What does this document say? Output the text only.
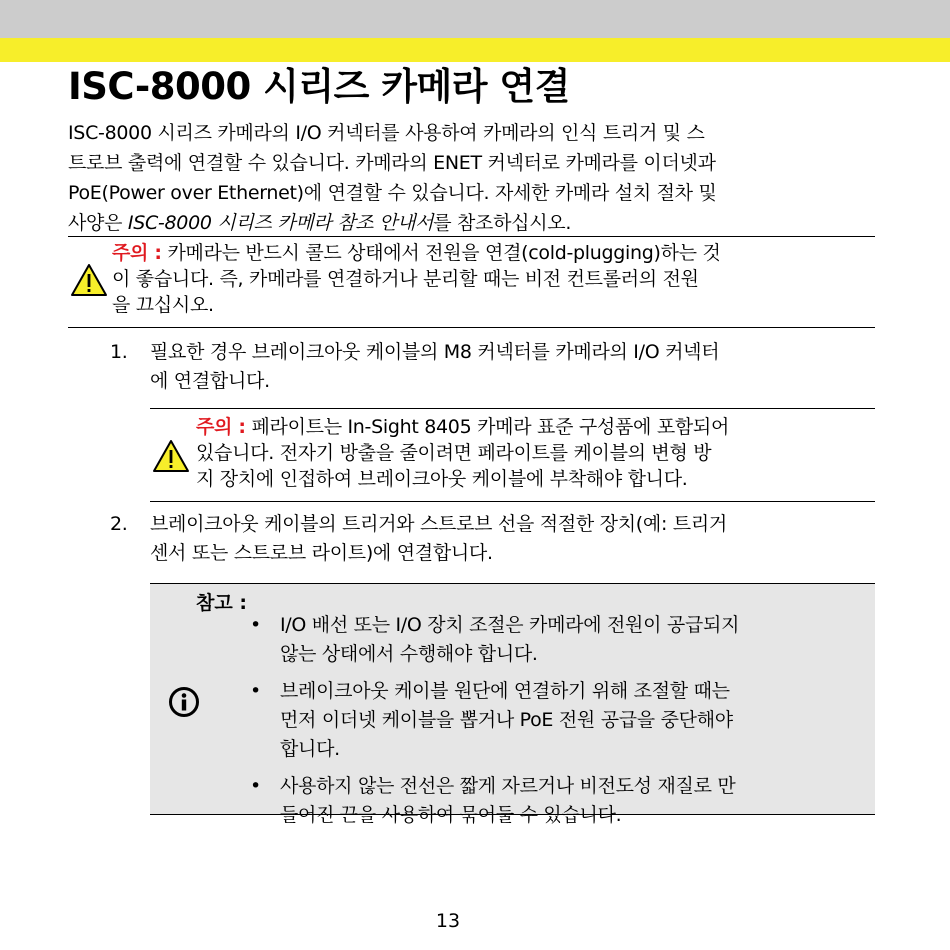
ISC-8000 시리즈 카메라 연결
ISC-8000 시리즈 카메라의 I/O 커넥터를 사용하여 카메라의 인식 트리거 및 스
트로브 출력에 연결할 수 있습니다. 카메라의 ENET 커넥터로 카메라를 이더넷과
PoE(Power over Ethernet)에 연결할 수 있습니다. 자세한 카메라 설치 절차 및
사양은 ISC-8000 시리즈 카메라 참조 안내서를 참조하십시오.
주의 : 카메라는 반드시 콜드 상태에서 전원을 연결(cold-plugging)하는 것
이 좋습니다. 즉, 카메라를 연결하거나 분리할 때는 비전 컨트롤러의 전원
을 끄십시오.
1. 필요한 경우 브레이크아웃 케이블의 M8 커넥터를 카메라의 I/O 커넥터
에 연결합니다.
주의 : 페라이트는 In-Sight 8405 카메라 표준 구성품에 포함되어
있습니다. 전자기 방출을 줄이려면 페라이트를 케이블의 변형 방
지 장치에 인접하여 브레이크아웃 케이블에 부착해야 합니다.
2. 브레이크아웃 케이블의 트리거와 스트로브 선을 적절한 장치(예: 트리거
센서 또는 스트로브 라이트)에 연결합니다.
참고 :
• I/O 배선 또는 I/O 장치 조절은 카메라에 전원이 공급되지
않는 상태에서 수행해야 합니다.
• 브레이크아웃 케이블 원단에 연결하기 위해 조절할 때는
먼저 이더넷 케이블을 뽑거나 PoE 전원 공급을 중단해야
합니다.
• 사용하지 않는 전선은 짧게 자르거나 비전도성 재질로 만
들어진 끈을 사용하여 묶어둘 수 있습니다.
13
